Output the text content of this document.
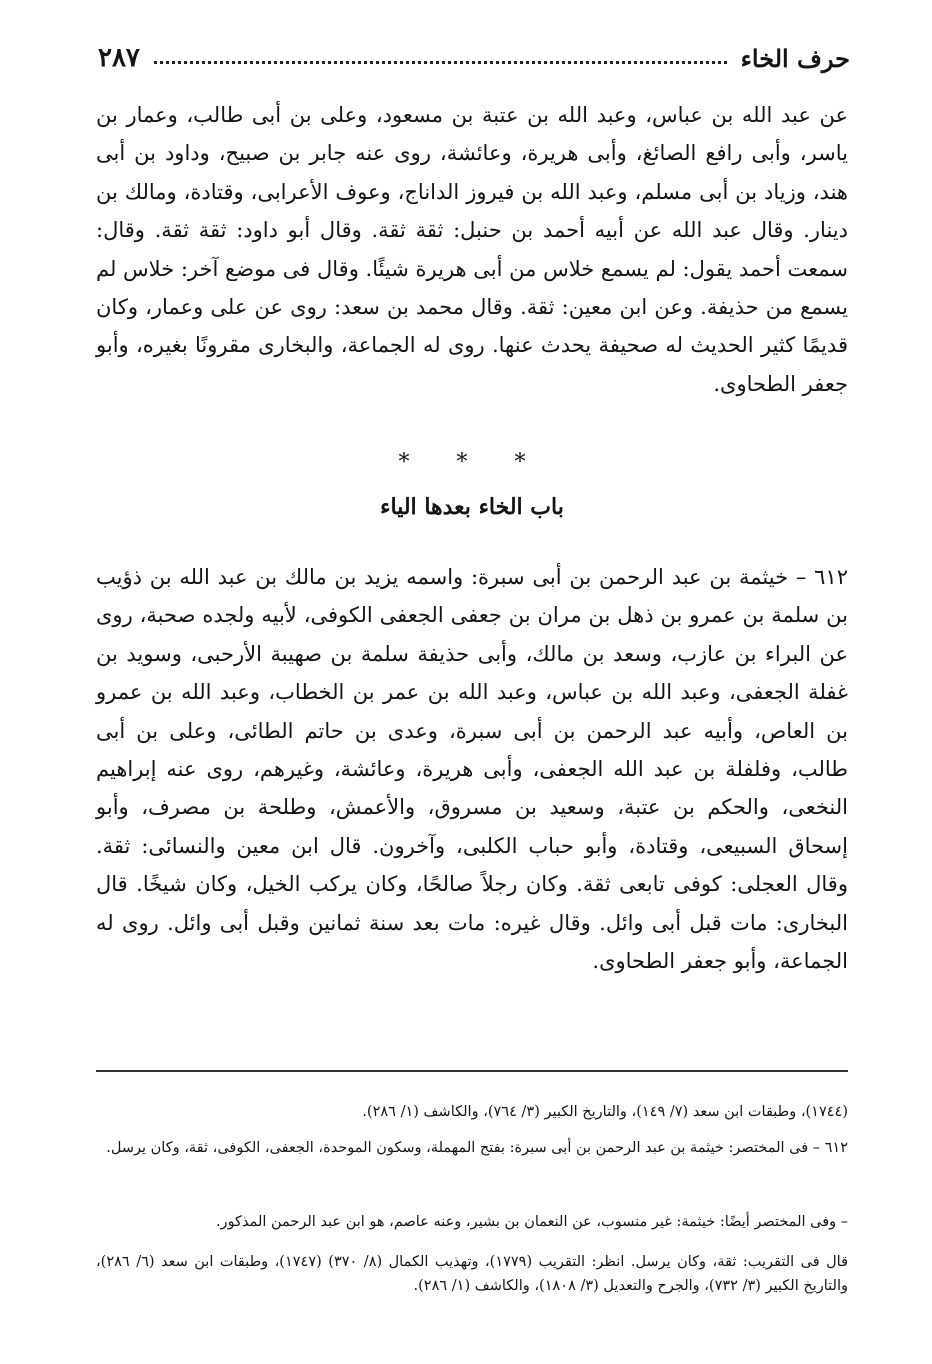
حرف الخاء
٢٨٧

عن عبد الله بن عباس، وعبد الله بن عتبة بن مسعود، وعلى بن أبى طالب، وعمار بن ياسر، وأبى رافع الصائغ، وأبى هريرة، وعائشة، روى عنه جابر بن صبيح، وداود بن أبى هند، وزياد بن أبى مسلم، وعبد الله بن فيروز الداناج، وعوف الأعرابى، وقتادة، ومالك بن دينار. وقال عبد الله عن أبيه أحمد بن حنبل: ثقة ثقة. وقال أبو داود: ثقة ثقة. وقال: سمعت أحمد يقول: لم يسمع خلاس من أبى هريرة شيئًا. وقال فى موضع آخر: خلاس لم يسمع من حذيفة. وعن ابن معين: ثقة. وقال محمد بن سعد: روى عن على وعمار، وكان قديمًا كثير الحديث له صحيفة يحدث عنها. روى له الجماعة، والبخارى مقرونًا بغيره، وأبو جعفر الطحاوى.

* * *
باب الخاء بعدها الياء

٦١٢ – خيثمة بن عبد الرحمن بن أبى سبرة: واسمه يزيد بن مالك بن عبد الله بن ذؤيب بن سلمة بن عمرو بن ذهل بن مران بن جعفى الجعفى الكوفى، لأبيه ولجده صحبة، روى عن البراء بن عازب، وسعد بن مالك، وأبى حذيفة سلمة بن صهيبة الأرحبى، وسويد بن غفلة الجعفى، وعبد الله بن عباس، وعبد الله بن عمر بن الخطاب، وعبد الله بن عمرو بن العاص، وأبيه عبد الرحمن بن أبى سبرة، وعدى بن حاتم الطائى، وعلى بن أبى طالب، وفلفلة بن عبد الله الجعفى، وأبى هريرة، وعائشة، وغيرهم، روى عنه إبراهيم النخعى، والحكم بن عتبة، وسعيد بن مسروق، والأعمش، وطلحة بن مصرف، وأبو إسحاق السبيعى، وقتادة، وأبو حباب الكلبى، وآخرون. قال ابن معين والنسائى: ثقة. وقال العجلى: كوفى تابعى ثقة. وكان رجلاً صالحًا، وكان يركب الخيل، وكان شيخًا. قال البخارى: مات قبل أبى وائل. وقال غيره: مات بعد سنة ثمانين وقبل أبى وائل. روى له الجماعة، وأبو جعفر الطحاوى.

(١٧٤٤)، وطبقات ابن سعد (٧/ ١٤٩)، والتاريخ الكبير (٣/ ٧٦٤)، والكاشف (١/ ٢٨٦).

٦١٢ – فى المختصر: خيثمة بن عبد الرحمن بن أبى سبرة: بفتح المهملة، وسكون الموحدة، الجعفى، الكوفى، ثقة، وكان يرسل.

– وفى المختصر أيضًا: خيثمة: غير منسوب، عن النعمان بن بشير، وعنه عاصم، هو ابن عبد الرحمن المذكور.

قال فى التقريب: ثقة، وكان يرسل. انظر: التقريب (١٧٧٩)، وتهذيب الكمال (٨/ ٣٧٠) (١٧٤٧)، وطبقات ابن سعد (٦/ ٢٨٦)، والتاريخ الكبير (٣/ ٧٣٢)، والجرح والتعديل (٣/ ١٨٠٨)، والكاشف (١/ ٢٨٦).
